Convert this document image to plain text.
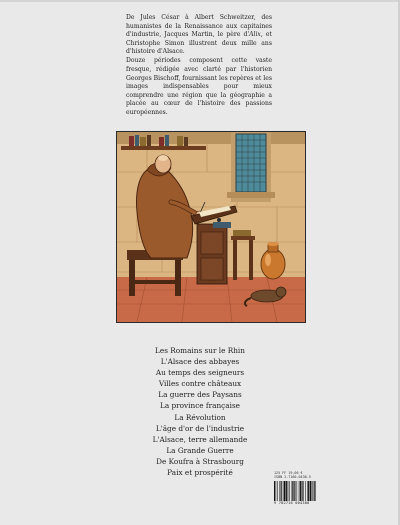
De Jules César à Albert Schweitzer, des humanistes de la Renaissance aux capitaines d'industrie, Jacques Martin, le père d'Alix, et Christophe Simon illustrent deux mille ans d'histoire d'Alsace.

Douze périodes composent cette vaste fresque, rédigée avec clarté par l'historien Georges Bischoff, fournissant les repères et les images indispensables pour mieux comprendre une région que la géographie a placée au cœur de l'histoire des passions européennes.

Les Romains sur le Rhin
L'Alsace des abbayes
Au temps des seigneurs
Villes contre châteaux
La guerre des Paysans
La province française
La Révolution
L'âge d'or de l'industrie
L'Alsace, terre allemande
La Grande Guerre
De Koufra à Strasbourg
Paix et prospérité	125 FF 19,06 €
ISBN 2-7160-0438-5
9 782716 004386
